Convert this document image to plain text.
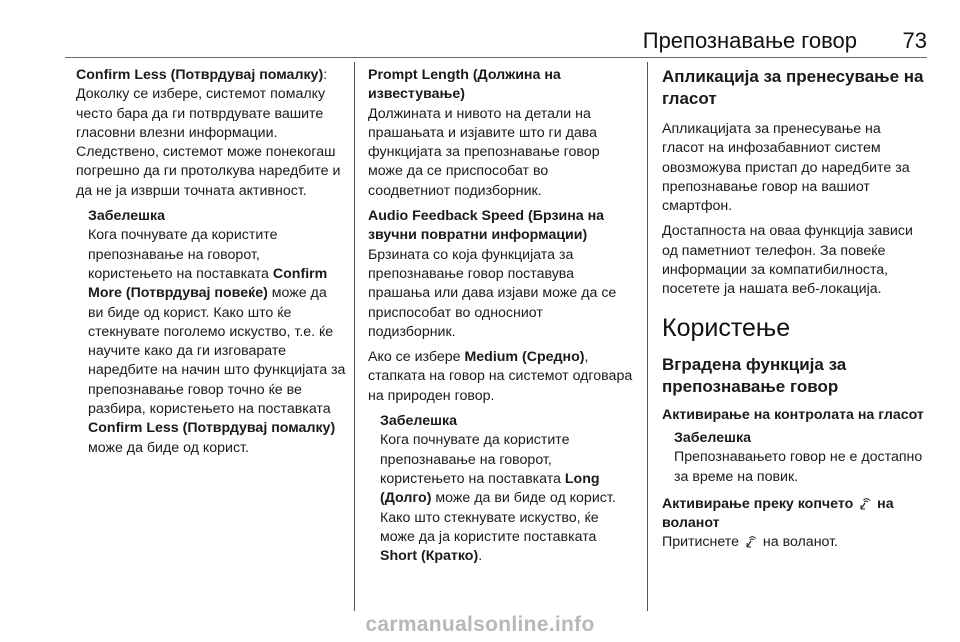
Препознавање говор 73

Confirm Less (Потврдувај помалку): Доколку се избере, системот помалку често бара да ги потврдувате вашите гласовни влезни информации. Следствено, системот може понекогаш погрешно да ги протолкува наредбите и да не ја изврши точната активност.

Забелешка
Кога почнувате да користите препознавање на говорот, користењето на поставката Confirm More (Потврдувај повеќе) може да ви биде од корист. Како што ќе стекнувате поголемо искуство, т.е. ќе научите како да ги изговарате наредбите на начин што функцијата за препознавање говор точно ќе ве разбира, користењето на поставката Confirm Less (Потврдувај помалку) може да биде од корист.
Prompt Length (Должина на известување)

Должината и нивото на детали на прашањата и изјавите што ги дава функцијата за препознавање говор може да се приспособат во соодветниот подизборник.

Audio Feedback Speed (Брзина на звучни повратни информации)

Брзината со која функцијата за препознавање говор поставува прашања или дава изјави може да се приспособат во односниот подизборник.

Ако се избере Medium (Средно), стапката на говор на системот одговара на природен говор.

Забелешка
Кога почнувате да користите препознавање на говорот, користењето на поставката Long (Долго) може да ви биде од корист. Како што стекнувате искуство, ќе може да ја користите поставката Short (Кратко).
Апликација за пренесување на гласот

Апликацијата за пренесување на гласот на инфозабавниот систем овозможува пристап до наредбите за препознавање говор на вашиот смартфон.

Достапноста на оваа функција зависи од паметниот телефон. За повеќе информации за компатибилноста, посетете ја нашата веб-локација.

Користење
Вградена функција за препознавање говор
Активирање на контролата на гласот
Забелешка
Препознавањето говор не е достапно за време на повик.
Активирање преку копчето  на воланот

Притиснете  на воланот.

carmanualsonline.info
